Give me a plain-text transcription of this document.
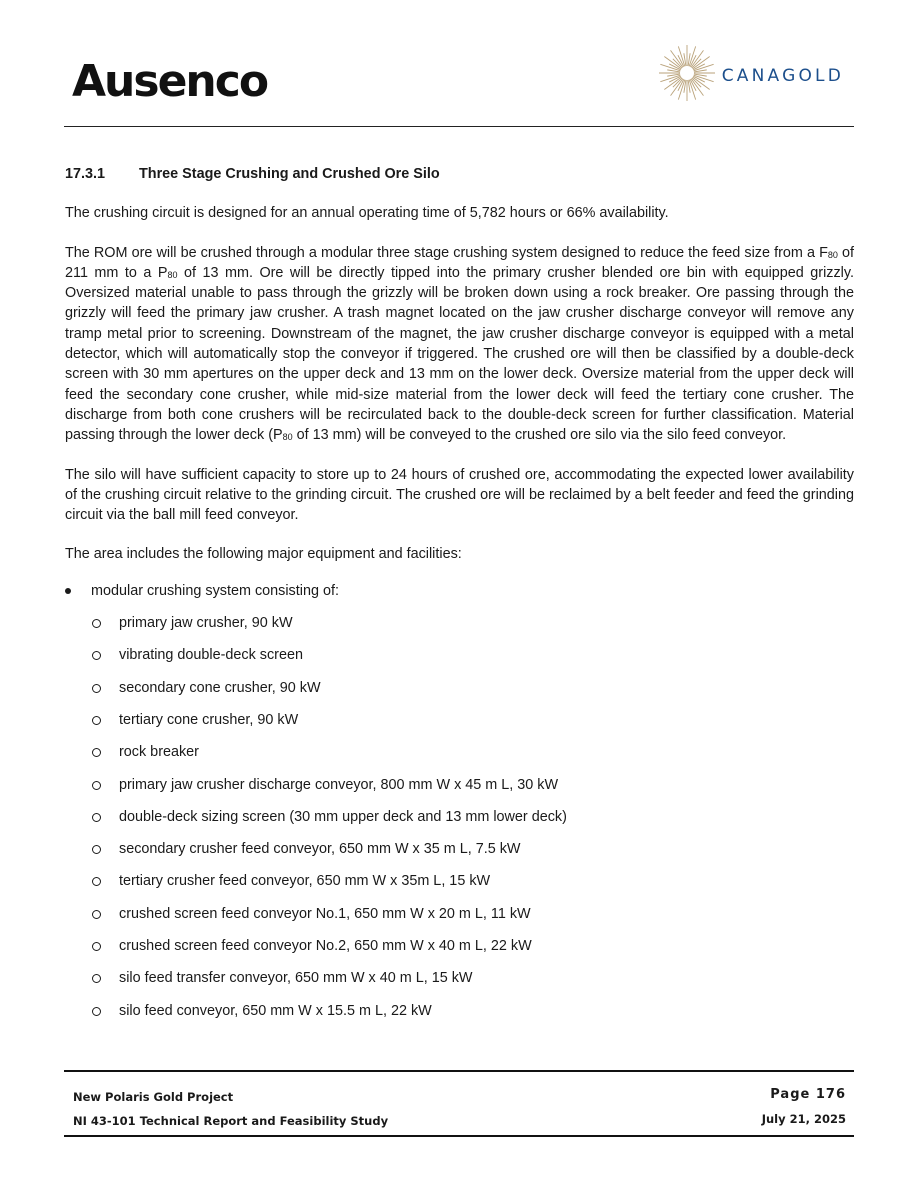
Ausenco	CANAGOLD
17.3.1	Three Stage Crushing and Crushed Ore Silo

The crushing circuit is designed for an annual operating time of 5,782 hours or 66% availability.

The ROM ore will be crushed through a modular three stage crushing system designed to reduce the feed size from a $F_{80}$ of 211 mm to a $P_{80}$ of 13 mm. Ore will be directly tipped into the primary crusher blended ore bin with equipped grizzly. Oversized material unable to pass through the grizzly will be broken down using a rock breaker. Ore passing through the grizzly will feed the primary jaw crusher. A trash magnet located on the jaw crusher discharge conveyor will remove any tramp metal prior to screening. Downstream of the magnet, the jaw crusher discharge conveyor is equipped with a metal detector, which will automatically stop the conveyor if triggered. The crushed ore will then be classified by a double-deck screen with 30 mm apertures on the upper deck and 13 mm on the lower deck. Oversize material from the upper deck will feed the secondary cone crusher, while mid-size material from the lower deck will feed the tertiary cone crusher. The discharge from both cone crushers will be recirculated back to the double-deck screen for further classification. Material passing through the lower deck ($P_{80}$ of 13 mm) will be conveyed to the crushed ore silo via the silo feed conveyor.

The silo will have sufficient capacity to store up to 24 hours of crushed ore, accommodating the expected lower availability of the crushing circuit relative to the grinding circuit. The crushed ore will be reclaimed by a belt feeder and feed the grinding circuit via the ball mill feed conveyor.

The area includes the following major equipment and facilities:

modular crushing system consisting of:
primary jaw crusher, 90 kW
vibrating double-deck screen
secondary cone crusher, 90 kW
tertiary cone crusher, 90 kW
rock breaker
primary jaw crusher discharge conveyor, 800 mm W x 45 m L, 30 kW
double-deck sizing screen (30 mm upper deck and 13 mm lower deck)
secondary crusher feed conveyor, 650 mm W x 35 m L, 7.5 kW
tertiary crusher feed conveyor, 650 mm W x 35m L, 15 kW
crushed screen feed conveyor No.1, 650 mm W x 20 m L, 11 kW
crushed screen feed conveyor No.2, 650 mm W x 40 m L, 22 kW
silo feed transfer conveyor, 650 mm W x 40 m L, 15 kW
silo feed conveyor, 650 mm W x 15.5 m L, 22 kW
New Polaris Gold Project
NI 43-101 Technical Report and Feasibility Study
Page 176
July 21, 2025
